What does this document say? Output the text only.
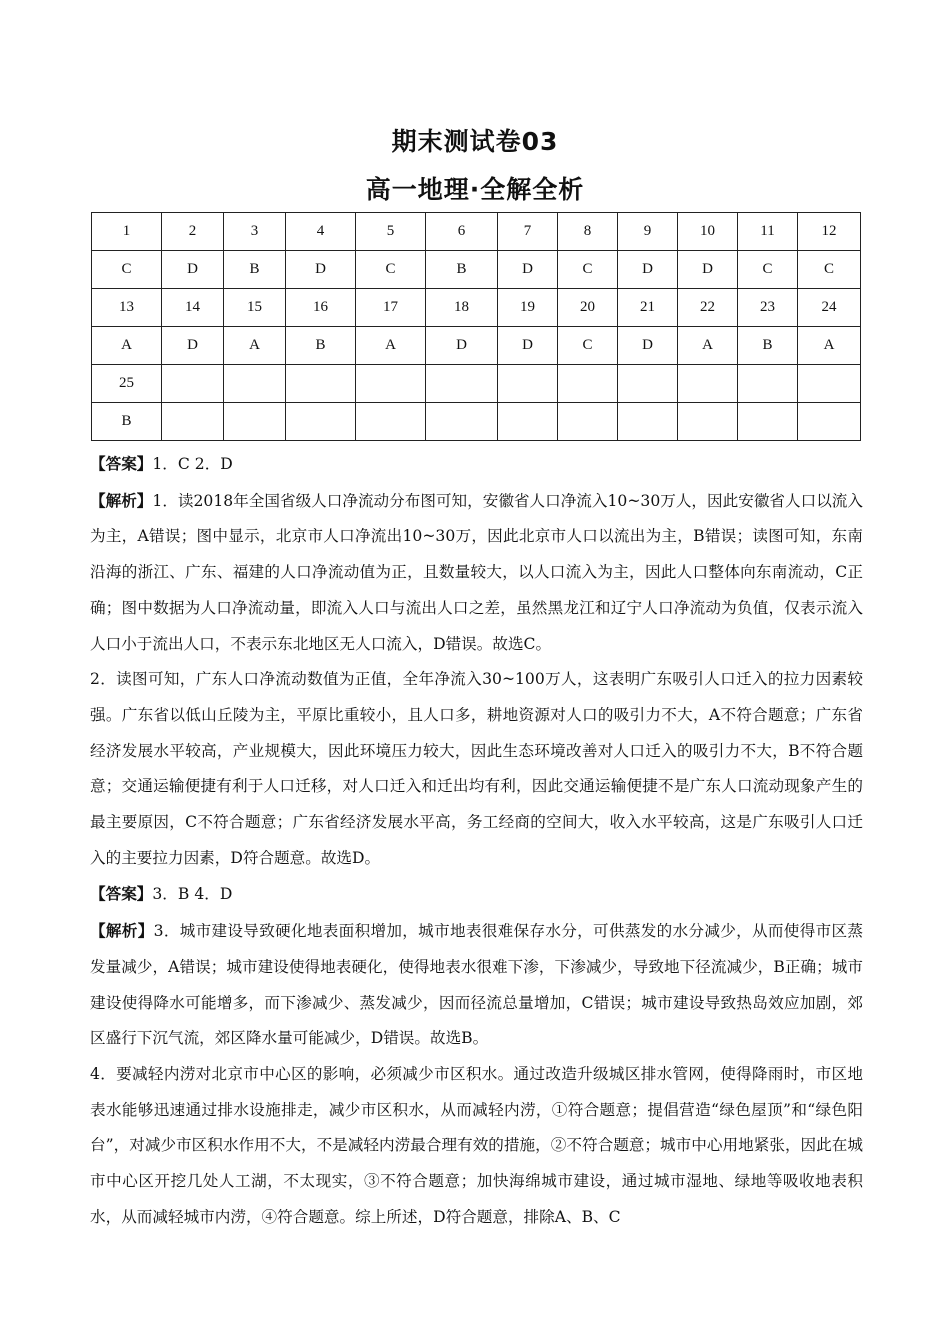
期末测试卷03
高一地理·全解全析
1	2	3	4	5	6	7	8	9	10	11	12
C	D	B	D	C	B	D	C	D	D	C	C
13	14	15	16	17	18	19	20	21	22	23	24
A	D	A	B	A	D	D	C	D	A	B	A
25											
B											

【答案】1．C 2．D

【解析】1．读2018年全国省级人口净流动分布图可知，安徽省人口净流入10~30万人，因此安徽省人口以流入为主，A错误；图中显示，北京市人口净流出10~30万，因此北京市人口以流出为主，B错误；读图可知，东南沿海的浙江、广东、福建的人口净流动值为正，且数量较大，以人口流入为主，因此人口整体向东南流动，C正确；图中数据为人口净流动量，即流入人口与流出人口之差，虽然黑龙江和辽宁人口净流动为负值，仅表示流入人口小于流出人口，不表示东北地区无人口流入，D错误。故选C。

2．读图可知，广东人口净流动数值为正值，全年净流入30~100万人，这表明广东吸引人口迁入的拉力因素较强。广东省以低山丘陵为主，平原比重较小，且人口多，耕地资源对人口的吸引力不大，A不符合题意；广东省经济发展水平较高，产业规模大，因此环境压力较大，因此生态环境改善对人口迁入的吸引力不大，B不符合题意；交通运输便捷有利于人口迁移，对人口迁入和迁出均有利，因此交通运输便捷不是广东人口流动现象产生的最主要原因，C不符合题意；广东省经济发展水平高，务工经商的空间大，收入水平较高，这是广东吸引人口迁入的主要拉力因素，D符合题意。故选D。

【答案】3．B 4．D

【解析】3．城市建设导致硬化地表面积增加，城市地表很难保存水分，可供蒸发的水分减少，从而使得市区蒸发量减少，A错误；城市建设使得地表硬化，使得地表水很难下渗，下渗减少，导致地下径流减少，B正确；城市建设使得降水可能增多，而下渗减少、蒸发减少，因而径流总量增加，C错误；城市建设导致热岛效应加剧，郊区盛行下沉气流，郊区降水量可能减少，D错误。故选B。

4．要减轻内涝对北京市中心区的影响，必须减少市区积水。通过改造升级城区排水管网，使得降雨时，市区地表水能够迅速通过排水设施排走，减少市区积水，从而减轻内涝，①符合题意；提倡营造“绿色屋顶”和“绿色阳台”，对减少市区积水作用不大，不是减轻内涝最合理有效的措施，②不符合题意；城市中心用地紧张，因此在城市中心区开挖几处人工湖，不太现实，③不符合题意；加快海绵城市建设，通过城市湿地、绿地等吸收地表积水，从而减轻城市内涝，④符合题意。综上所述，D符合题意，排除A、B、C
